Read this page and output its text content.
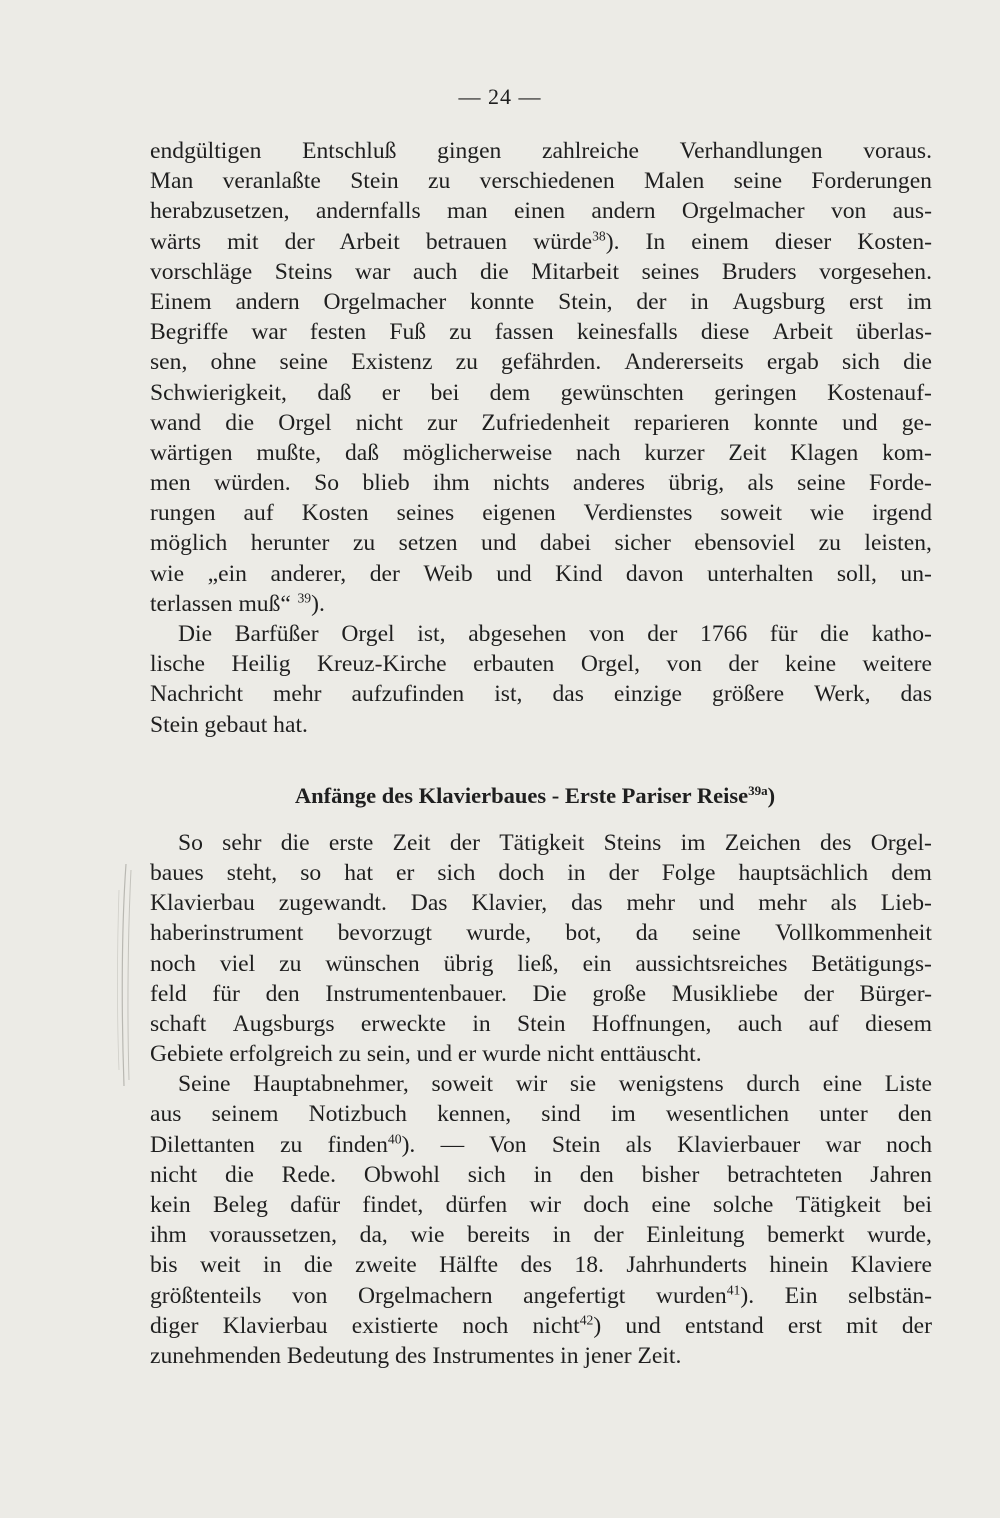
— 24 —
endgültigen Entschluß gingen zahlreiche Verhandlungen voraus.
Man veranlaßte Stein zu verschiedenen Malen seine Forderungen
herabzusetzen, andernfalls man einen andern Orgelmacher von aus-
wärts mit der Arbeit betrauen würde$^{38}$). In einem dieser Kosten-
vorschläge Steins war auch die Mitarbeit seines Bruders vorgesehen.
Einem andern Orgelmacher konnte Stein, der in Augsburg erst im
Begriffe war festen Fuß zu fassen keinesfalls diese Arbeit überlas-
sen, ohne seine Existenz zu gefährden. Andererseits ergab sich die
Schwierigkeit, daß er bei dem gewünschten geringen Kostenauf-
wand die Orgel nicht zur Zufriedenheit reparieren konnte und ge-
wärtigen mußte, daß möglicherweise nach kurzer Zeit Klagen kom-
men würden. So blieb ihm nichts anderes übrig, als seine Forde-
rungen auf Kosten seines eigenen Verdienstes soweit wie irgend
möglich herunter zu setzen und dabei sicher ebensoviel zu leisten,
wie „ein anderer, der Weib und Kind davon unterhalten soll, un-
terlassen muß“ $^{39}$).
Die Barfüßer Orgel ist, abgesehen von der 1766 für die katho-
lische Heilig Kreuz-Kirche erbauten Orgel, von der keine weitere
Nachricht mehr aufzufinden ist, das einzige größere Werk, das
Stein gebaut hat.
Anfänge des Klavierbaues - Erste Pariser Reise$^{39a}$)
So sehr die erste Zeit der Tätigkeit Steins im Zeichen des Orgel-
baues steht, so hat er sich doch in der Folge hauptsächlich dem
Klavierbau zugewandt. Das Klavier, das mehr und mehr als Lieb-
haberinstrument bevorzugt wurde, bot, da seine Vollkommenheit
noch viel zu wünschen übrig ließ, ein aussichtsreiches Betätigungs-
feld für den Instrumentenbauer. Die große Musikliebe der Bürger-
schaft Augsburgs erweckte in Stein Hoffnungen, auch auf diesem
Gebiete erfolgreich zu sein, und er wurde nicht enttäuscht.
Seine Hauptabnehmer, soweit wir sie wenigstens durch eine Liste
aus seinem Notizbuch kennen, sind im wesentlichen unter den
Dilettanten zu finden$^{40}$). — Von Stein als Klavierbauer war noch
nicht die Rede. Obwohl sich in den bisher betrachteten Jahren
kein Beleg dafür findet, dürfen wir doch eine solche Tätigkeit bei
ihm voraussetzen, da, wie bereits in der Einleitung bemerkt wurde,
bis weit in die zweite Hälfte des 18. Jahrhunderts hinein Klaviere
größtenteils von Orgelmachern angefertigt wurden$^{41}$). Ein selbstän-
diger Klavierbau existierte noch nicht$^{42}$) und entstand erst mit der
zunehmenden Bedeutung des Instrumentes in jener Zeit.
